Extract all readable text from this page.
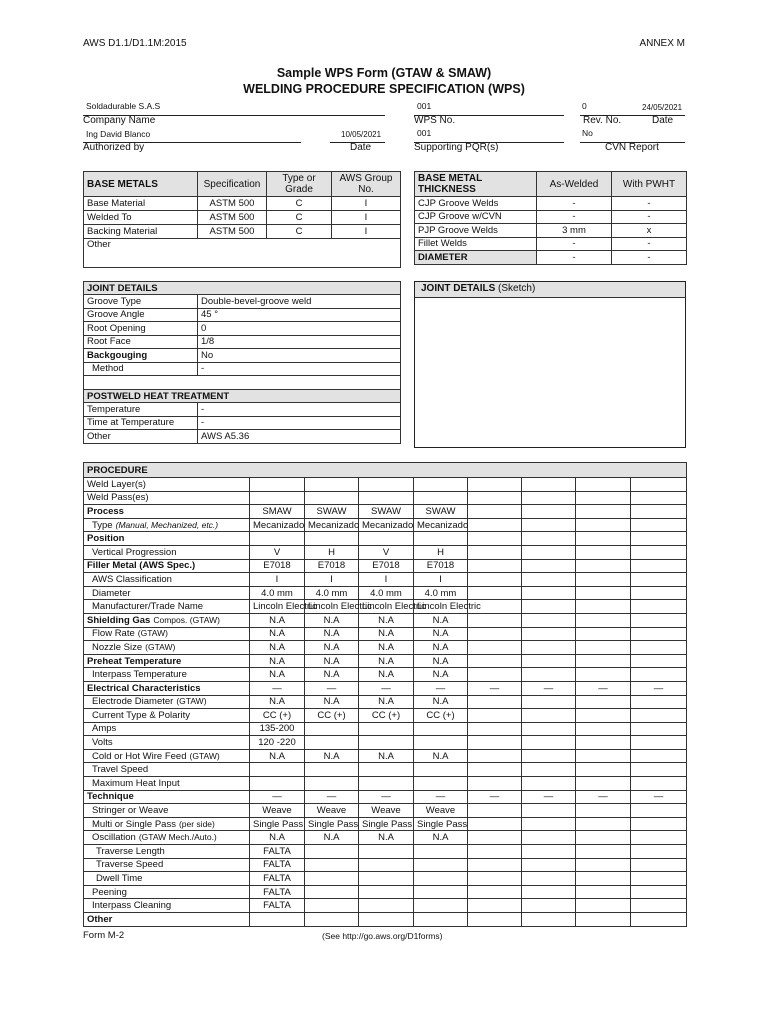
AWS D1.1/D1.1M:2015	ANNEX M
Sample WPS Form (GTAW & SMAW)
WELDING PROCEDURE SPECIFICATION (WPS)
Soldadurable S.A.S
Company Name
Ing David Blanco	10/05/2021
Authorized by	Date
001	0	24/05/2021
WPS No.	Rev. No.	Date
001	No
Supporting PQR(s)	CVN Report
BASE METALS	Specification	Type or Grade	AWS Group No.
Base Material	ASTM 500	C	I
Welded To	ASTM 500	C	I
Backing Material	ASTM 500	C	I
Other			
BASE METAL THICKNESS	As-Welded	With PWHT
CJP Groove Welds	-	-
CJP Groove w/CVN	-	-
PJP Groove Welds	3 mm	x
Fillet Welds	-	-
DIAMETER	-	-
JOINT DETAILS	
Groove Type	Double-bevel-groove weld
Groove Angle	45 °
Root Opening	0
Root Face	1/8
Backgouging	No
Method	-

POSTWELD HEAT TREATMENT	
Temperature	-
Time at Temperature	-
Other	AWS A5.36
JOINT DETAILS (Sketch)
PROCEDURE								
Weld Layer(s)								
Weld Pass(es)								
Process	SMAW	SWAW	SWAW	SWAW				
Type (Manual, Mechanized, etc.)	Mecanizado	Mecanizado	Mecanizado	Mecanizado				
Position								
Vertical Progression	V	H	V	H				
Filler Metal (AWS Spec.)	E7018	E7018	E7018	E7018				
AWS Classification	I	I	I	I				
Diameter	4.0 mm	4.0 mm	4.0 mm	4.0 mm				
Manufacturer/Trade Name	Lincoln Electric	Lincoln Electric	Lincoln Electric	Lincoln Electric				
Shielding Gas Compos. (GTAW)	N.A	N.A	N.A	N.A				
Flow Rate (GTAW)	N.A	N.A	N.A	N.A				
Nozzle Size (GTAW)	N.A	N.A	N.A	N.A				
Preheat Temperature	N.A	N.A	N.A	N.A				
Interpass Temperature	N.A	N.A	N.A	N.A				
Electrical Characteristics	—	—	—	—	—	—	—	—
Electrode Diameter (GTAW)	N.A	N.A	N.A	N.A				
Current Type & Polarity	CC (+)	CC (+)	CC (+)	CC (+)				
Amps	135-200							
Volts	120 -220							
Cold or Hot Wire Feed (GTAW)	N.A	N.A	N.A	N.A				
Travel Speed								
Maximum Heat Input								
Technique	—	—	—	—	—	—	—	—
Stringer or Weave	Weave	Weave	Weave	Weave				
Multi or Single Pass (per side)	Single Pass	Single Pass	Single Pass	Single Pass				
Oscillation (GTAW Mech./Auto.)	N.A	N.A	N.A	N.A				
Traverse Length	FALTA							
Traverse Speed	FALTA							
Dwell Time	FALTA							
Peening	FALTA							
Interpass Cleaning	FALTA							
Other								
Form M-2	(See http://go.aws.org/D1forms)
